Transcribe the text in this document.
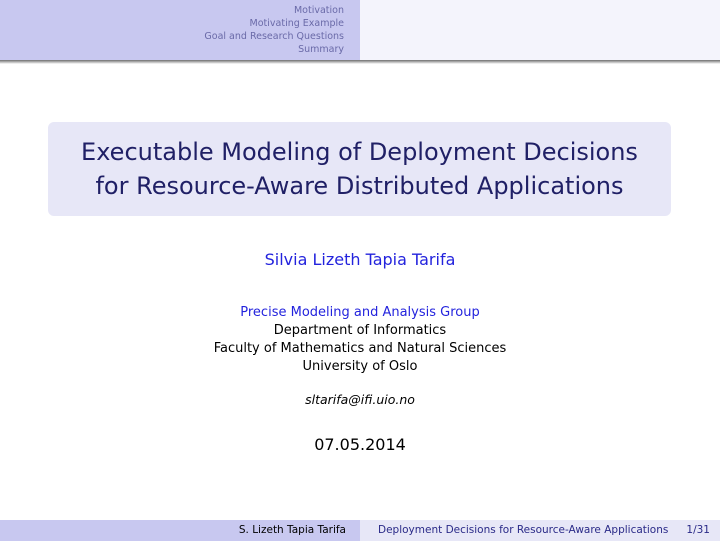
Motivation
Motivating Example
Goal and Research Questions
Summary
Executable Modeling of Deployment Decisions
for Resource-Aware Distributed Applications
Silvia Lizeth Tapia Tarifa
Precise Modeling and Analysis Group
Department of Informatics
Faculty of Mathematics and Natural Sciences
University of Oslo
sltarifa@ifi.uio.no
07.05.2014
S. Lizeth Tapia Tarifa	Deployment Decisions for Resource-Aware Applications 1/31
